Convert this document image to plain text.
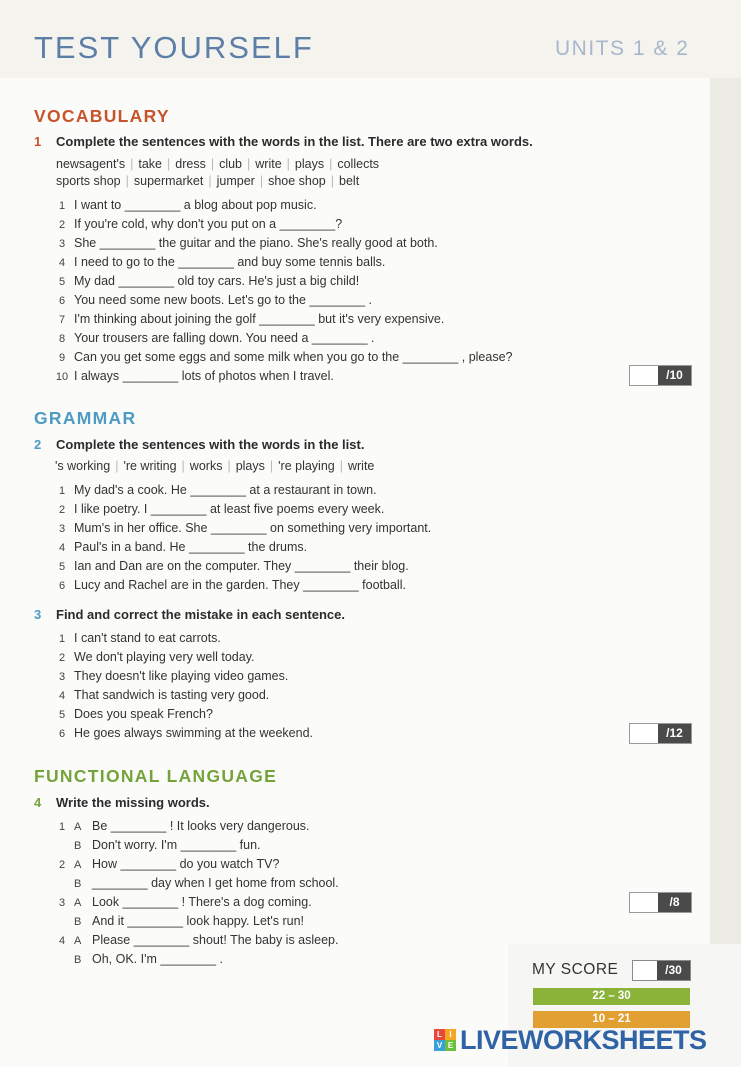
TEST YOURSELF	UNITS 1 & 2
VOCABULARY
1 Complete the sentences with the words in the list. There are two extra words.
newsagent's | take | dress | club | write | plays | collects
sports shop | supermarket | jumper | shoe shop | belt
1 I want to ________ a blog about pop music.
2 If you're cold, why don't you put on a ________?
3 She ________ the guitar and the piano. She's really good at both.
4 I need to go to the ________ and buy some tennis balls.
5 My dad ________ old toy cars. He's just a big child!
6 You need some new boots. Let's go to the ________ .
7 I'm thinking about joining the golf ________ but it's very expensive.
8 Your trousers are falling down. You need a ________ .
9 Can you get some eggs and some milk when you go to the ________ , please?
10 I always ________ lots of photos when I travel.	/10
GRAMMAR
2 Complete the sentences with the words in the list.
's working | 're writing | works | plays | 're playing | write
1 My dad's a cook. He ________ at a restaurant in town.
2 I like poetry. I ________ at least five poems every week.
3 Mum's in her office. She ________ on something very important.
4 Paul's in a band. He ________ the drums.
5 Ian and Dan are on the computer. They ________ their blog.
6 Lucy and Rachel are in the garden. They ________ football.
3 Find and correct the mistake in each sentence.
1 I can't stand to eat carrots.
2 We don't playing very well today.
3 They doesn't like playing video games.
4 That sandwich is tasting very good.
5 Does you speak French?
6 He goes always swimming at the weekend.	/12
FUNCTIONAL LANGUAGE
4 Write the missing words.
1 A Be ________ ! It looks very dangerous.
B Don't worry. I'm ________ fun.
2 A How ________ do you watch TV?
B ________ day when I get home from school.
3 A Look ________ ! There's a dog coming.
B And it ________ look happy. Let's run!
4 A Please ________ shout! The baby is asleep.
B Oh, OK. I'm ________ .
/8
MY SCORE	/30
22 – 30
10 – 21
L I
V E LIVEWORKSHEETS
